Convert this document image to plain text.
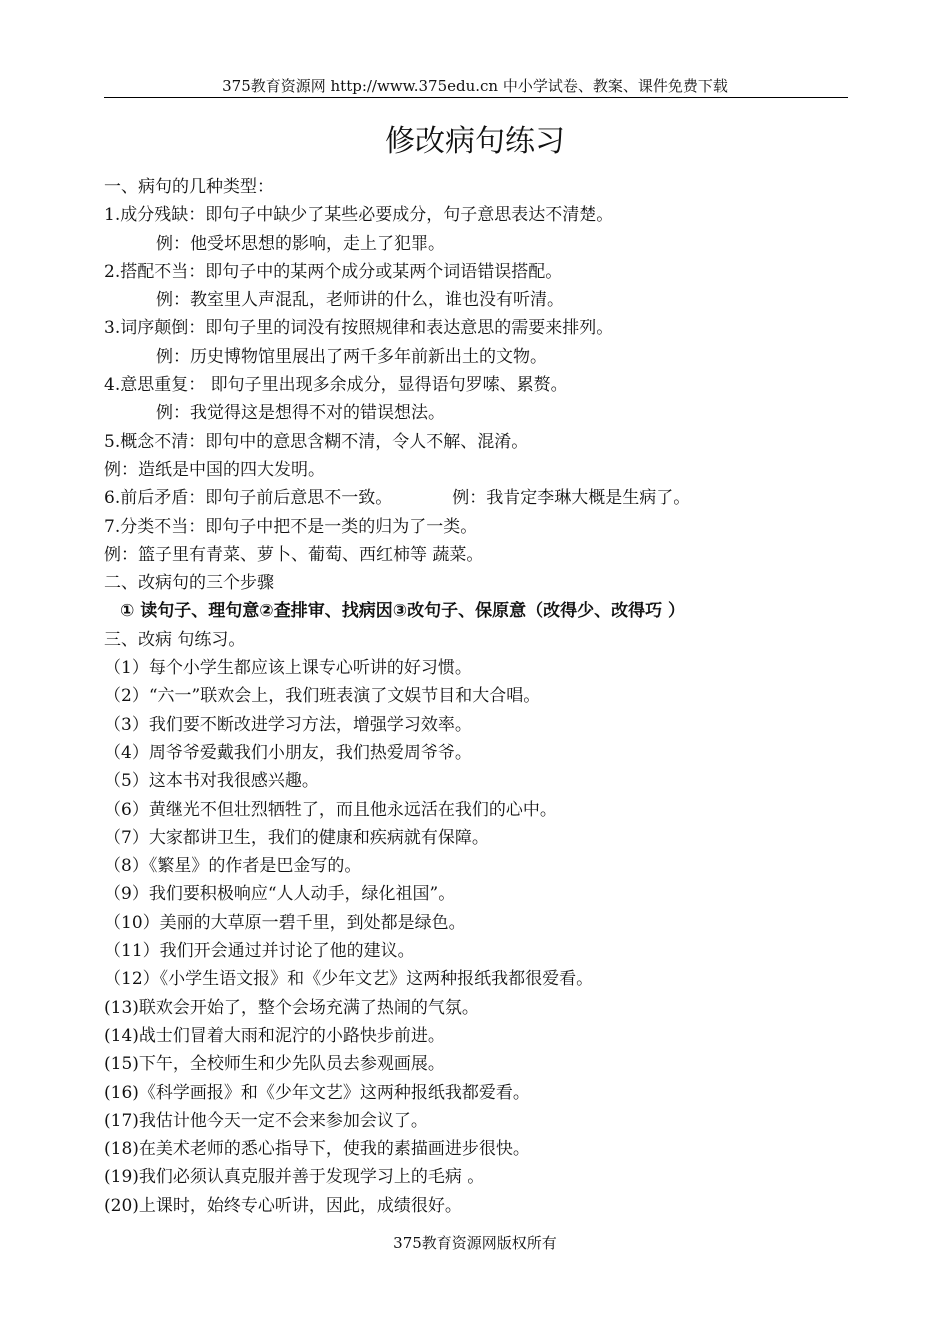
375教育资源网 http://www.375edu.cn 中小学试卷、教案、课件免费下载
修改病句练习
一、病句的几种类型：
1.成分残缺：即句子中缺少了某些必要成分，句子意思表达不清楚。
例：他受坏思想的影响，走上了犯罪。
2.搭配不当：即句子中的某两个成分或某两个词语错误搭配。
例：教室里人声混乱，老师讲的什么，谁也没有听清。
3.词序颠倒：即句子里的词没有按照规律和表达意思的需要来排列。
例：历史博物馆里展出了两千多年前新出土的文物。
4.意思重复： 即句子里出现多余成分，显得语句罗嗦、累赘。
例：我觉得这是想得不对的错误想法。
5.概念不清：即句中的意思含糊不清，令人不解、混淆。
例：造纸是中国的四大发明。
6.前后矛盾：即句子前后意思不一致。	例：我肯定李琳大概是生病了。
7.分类不当：即句子中把不是一类的归为了一类。
例：篮子里有青菜、萝卜、葡萄、西红柿等 蔬菜。
二、改病句的三个步骤
① 读句子、理句意②查排审、找病因③改句子、保原意（改得少、改得巧 ）
三、改病 句练习。
（1）每个小学生都应该上课专心听讲的好习惯。
（2）“六一”联欢会上，我们班表演了文娱节目和大合唱。
（3）我们要不断改进学习方法，增强学习效率。
（4）周爷爷爱戴我们小朋友，我们热爱周爷爷。
（5）这本书对我很感兴趣。
（6）黄继光不但壮烈牺牲了，而且他永远活在我们的心中。
（7）大家都讲卫生，我们的健康和疾病就有保障。
（8）《繁星》的作者是巴金写的。
（9）我们要积极响应“人人动手，绿化祖国”。
（10）美丽的大草原一碧千里，到处都是绿色。
（11）我们开会通过并讨论了他的建议。
（12）《小学生语文报》和《少年文艺》这两种报纸我都很爱看。
(13)联欢会开始了，整个会场充满了热闹的气氛。
(14)战士们冒着大雨和泥泞的小路快步前进。
(15)下午，全校师生和少先队员去参观画展。
(16)《科学画报》和《少年文艺》这两种报纸我都爱看。
(17)我估计他今天一定不会来参加会议了。
(18)在美术老师的悉心指导下，使我的素描画进步很快。
(19)我们必须认真克服并善于发现学习上的毛病 。
(20)上课时，始终专心听讲，因此，成绩很好。
375教育资源网版权所有
